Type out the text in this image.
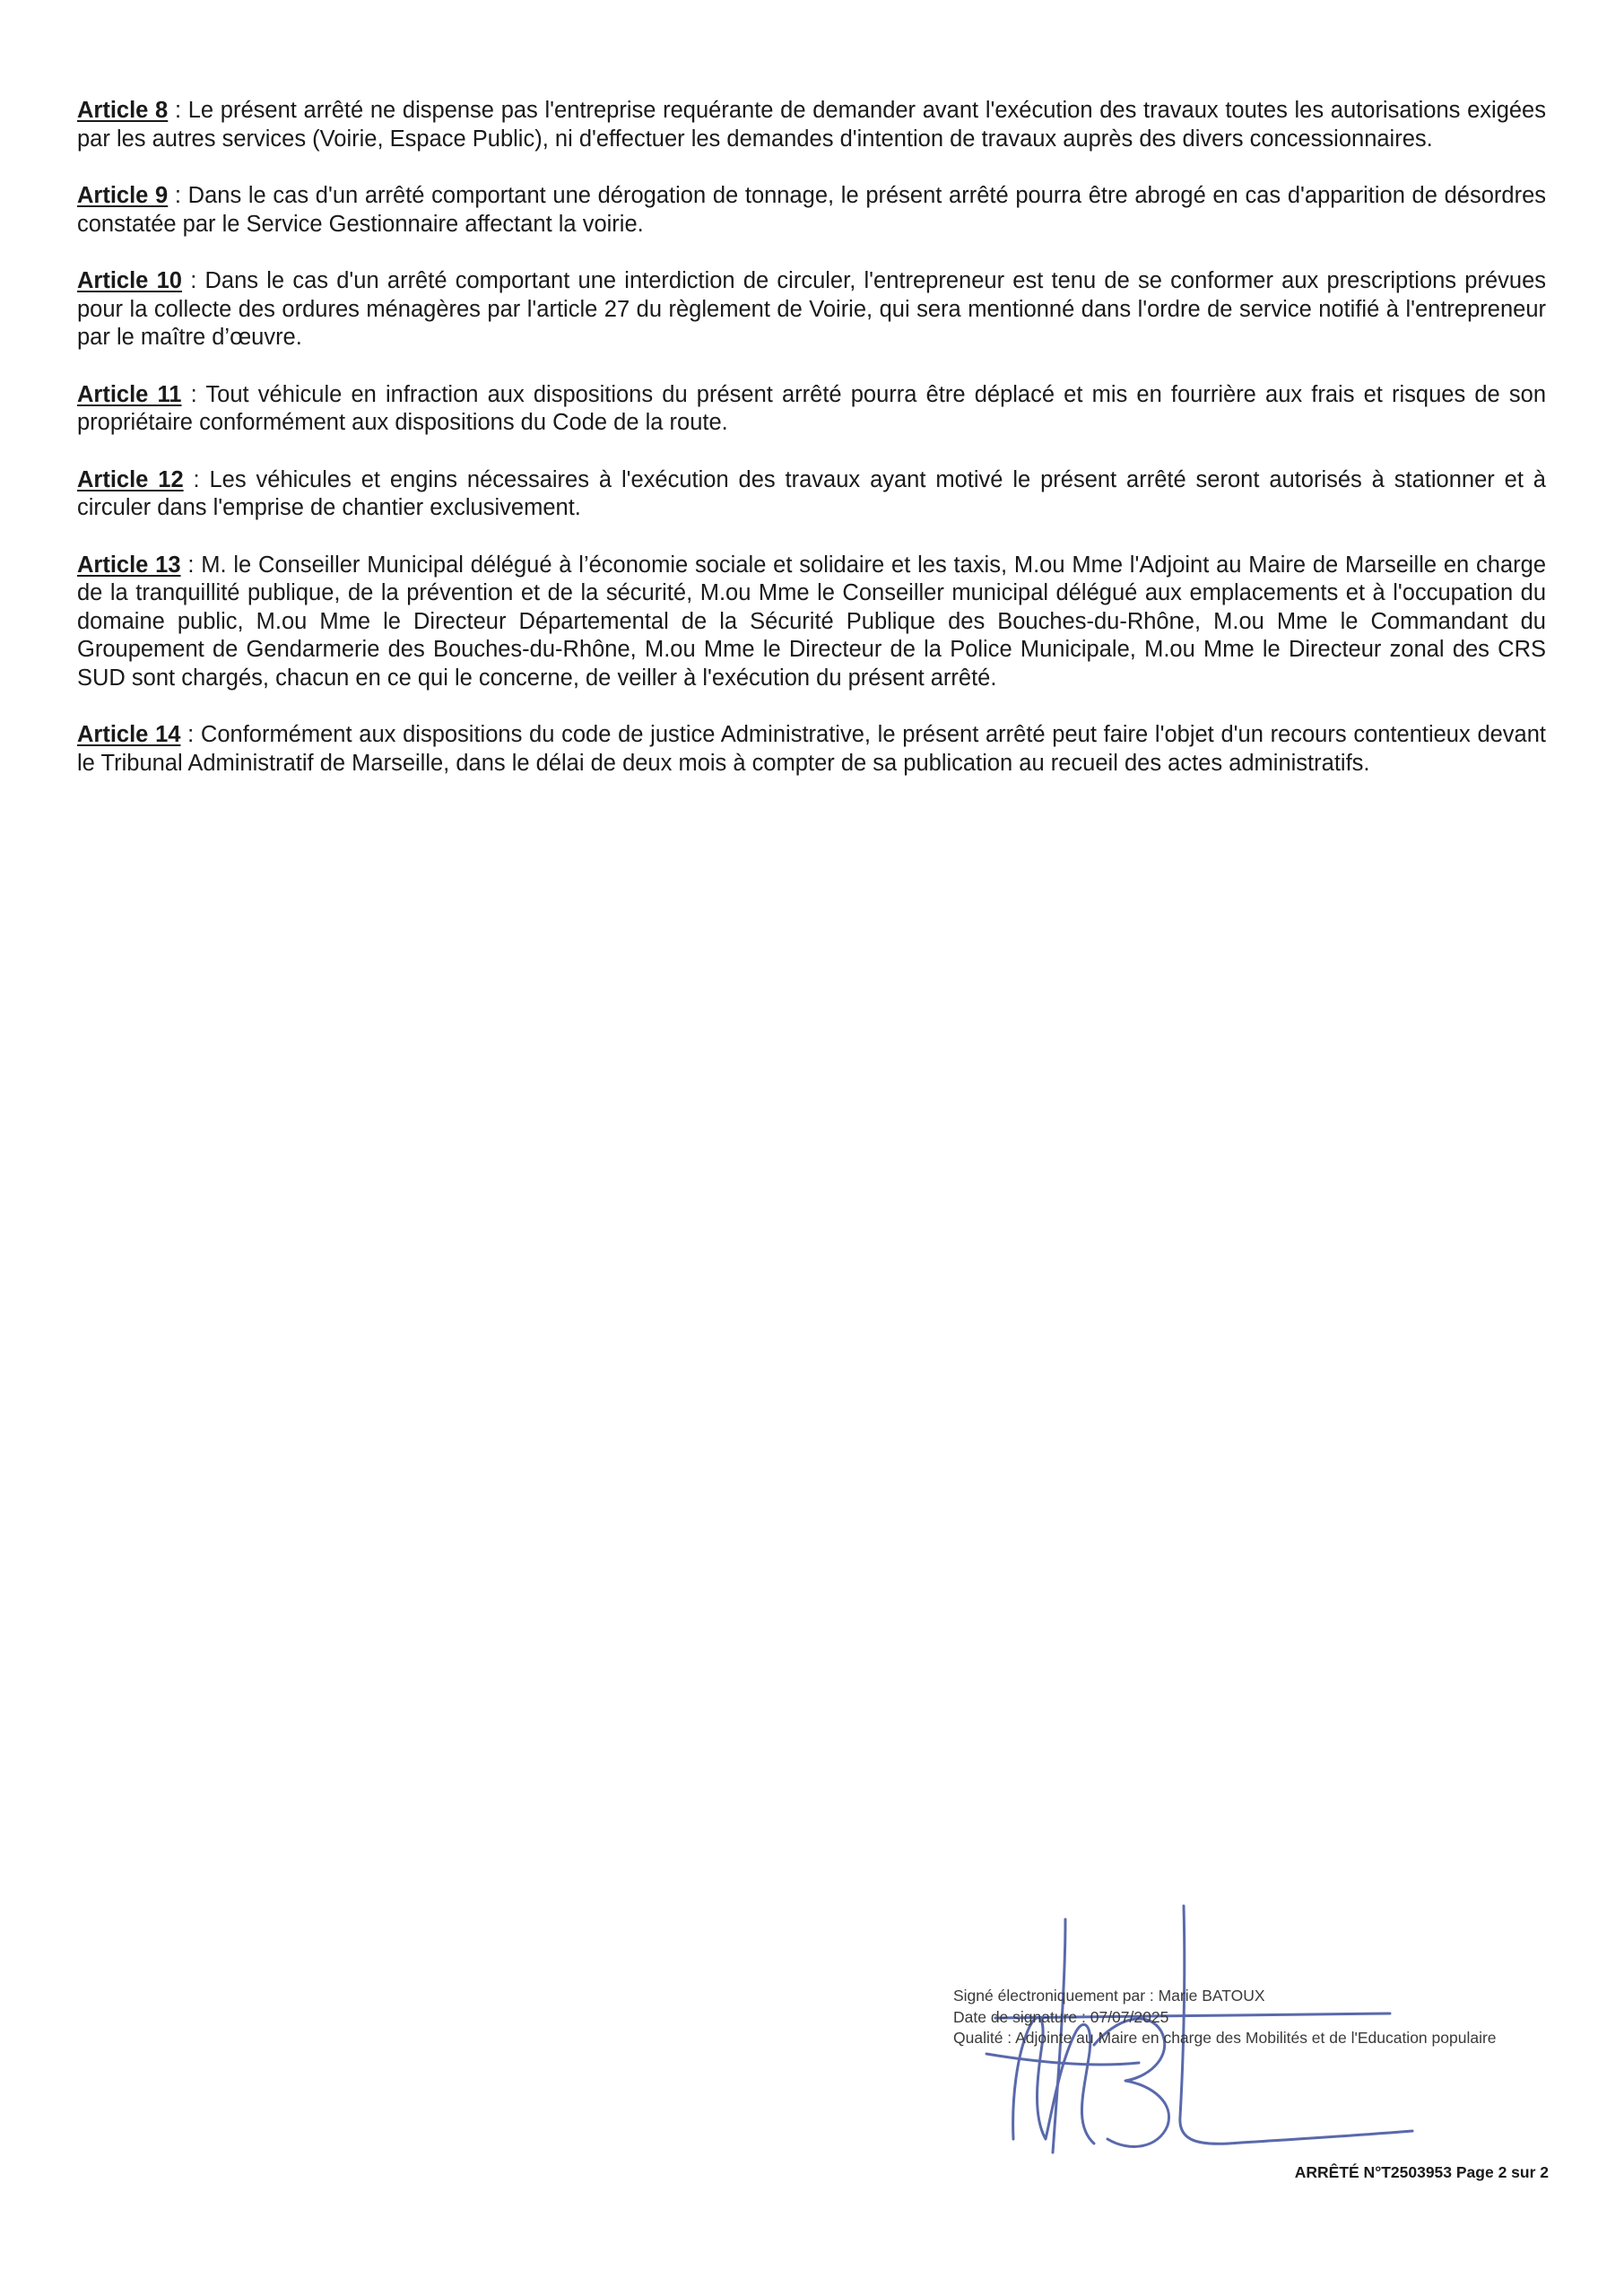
Article 8 : Le présent arrêté ne dispense pas l'entreprise requérante de demander avant l'exécution des travaux toutes les autorisations exigées par les autres services (Voirie, Espace Public), ni d'effectuer les demandes d'intention de travaux auprès des divers concessionnaires.

Article 9 : Dans le cas d'un arrêté comportant une dérogation de tonnage, le présent arrêté pourra être abrogé en cas d'apparition de désordres constatée par le Service Gestionnaire affectant la voirie.

Article 10 : Dans le cas d'un arrêté comportant une interdiction de circuler, l'entrepreneur est tenu de se conformer aux prescriptions prévues pour la collecte des ordures ménagères par l'article 27 du règlement de Voirie, qui sera mentionné dans l'ordre de service notifié à l'entrepreneur par le maître d’œuvre.

Article 11 : Tout véhicule en infraction aux dispositions du présent arrêté pourra être déplacé et mis en fourrière aux frais et risques de son propriétaire conformément aux dispositions du Code de la route.

Article 12 : Les véhicules et engins nécessaires à l'exécution des travaux ayant motivé le présent arrêté seront autorisés à stationner et à circuler dans l'emprise de chantier exclusivement.

Article 13 : M. le Conseiller Municipal délégué à l’économie sociale et solidaire et les taxis, M.ou Mme l'Adjoint au Maire de Marseille en charge de la tranquillité publique, de la prévention et de la sécurité, M.ou Mme le Conseiller municipal délégué aux emplacements et à l'occupation du domaine public, M.ou Mme le Directeur Départemental de la Sécurité Publique des Bouches-du-Rhône, M.ou Mme le Commandant du Groupement de Gendarmerie des Bouches-du-Rhône, M.ou Mme le Directeur de la Police Municipale, M.ou Mme le Directeur zonal des CRS SUD sont chargés, chacun en ce qui le concerne, de veiller à l'exécution du présent arrêté.

Article 14 : Conformément aux dispositions du code de justice Administrative, le présent arrêté peut faire l'objet d'un recours contentieux devant le Tribunal Administratif de Marseille, dans le délai de deux mois à compter de sa publication au recueil des actes administratifs.

Signé électroniquement par : Marie BATOUX

Date de signature : 07/07/2025

Qualité : Adjointe au Maire en charge des Mobilités et de l'Education populaire

ARRÊTÉ N°T2503953 Page 2 sur 2
